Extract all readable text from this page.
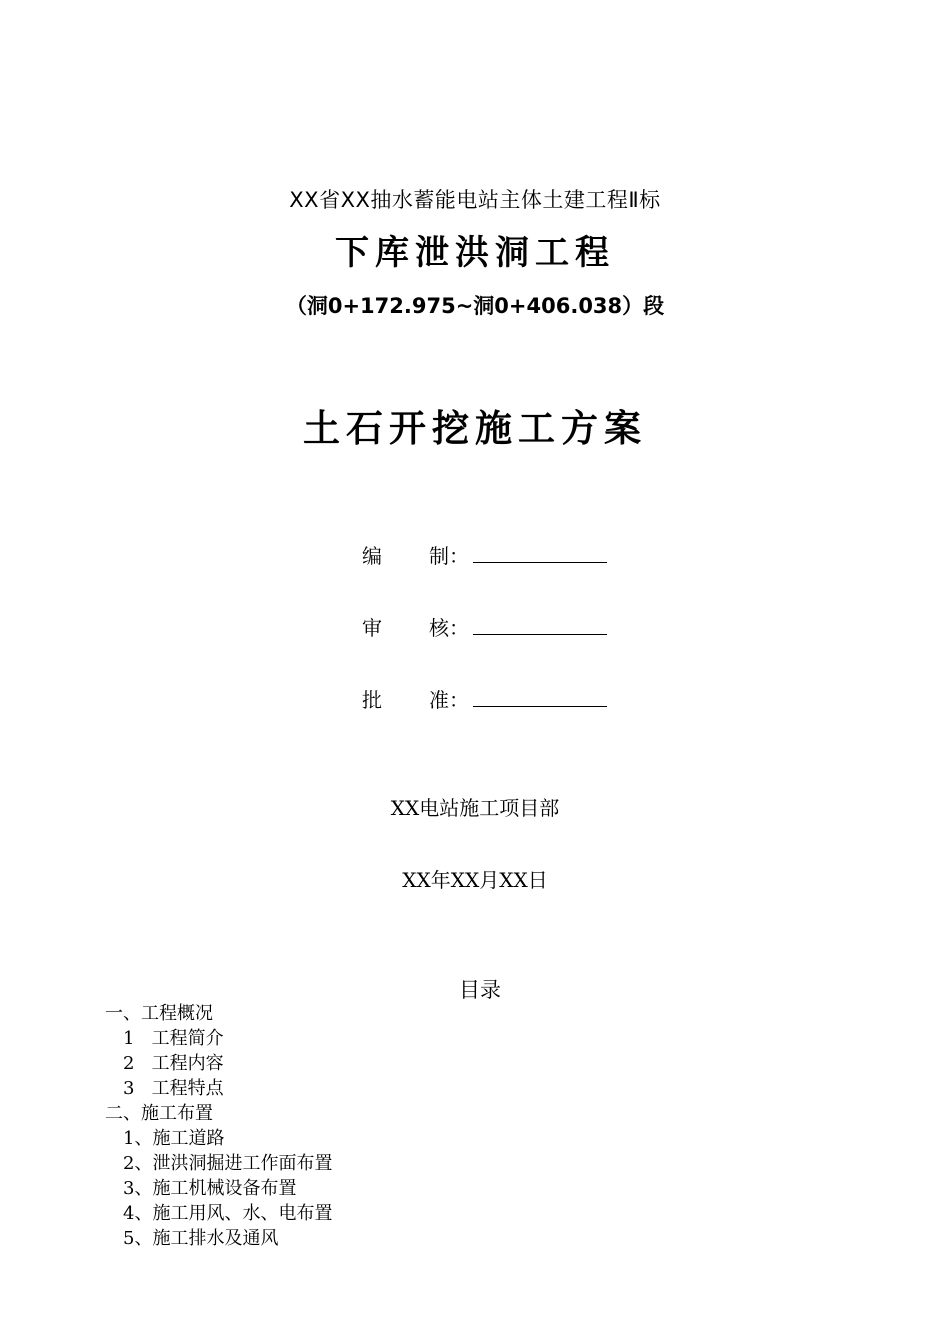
XX省XX抽水蓄能电站主体土建工程Ⅱ标
下库泄洪洞工程
（洞0+172.975~洞0+406.038）段
土石开挖施工方案
编 制：
审 核：
批 准：
XX电站施工项目部
XX年XX月XX日
目录
一、工程概况
1   工程简介
2   工程内容
3   工程特点
二、施工布置
1、施工道路
2、泄洪洞掘进工作面布置
3、施工机械设备布置
4、施工用风、水、电布置
5、施工排水及通风
